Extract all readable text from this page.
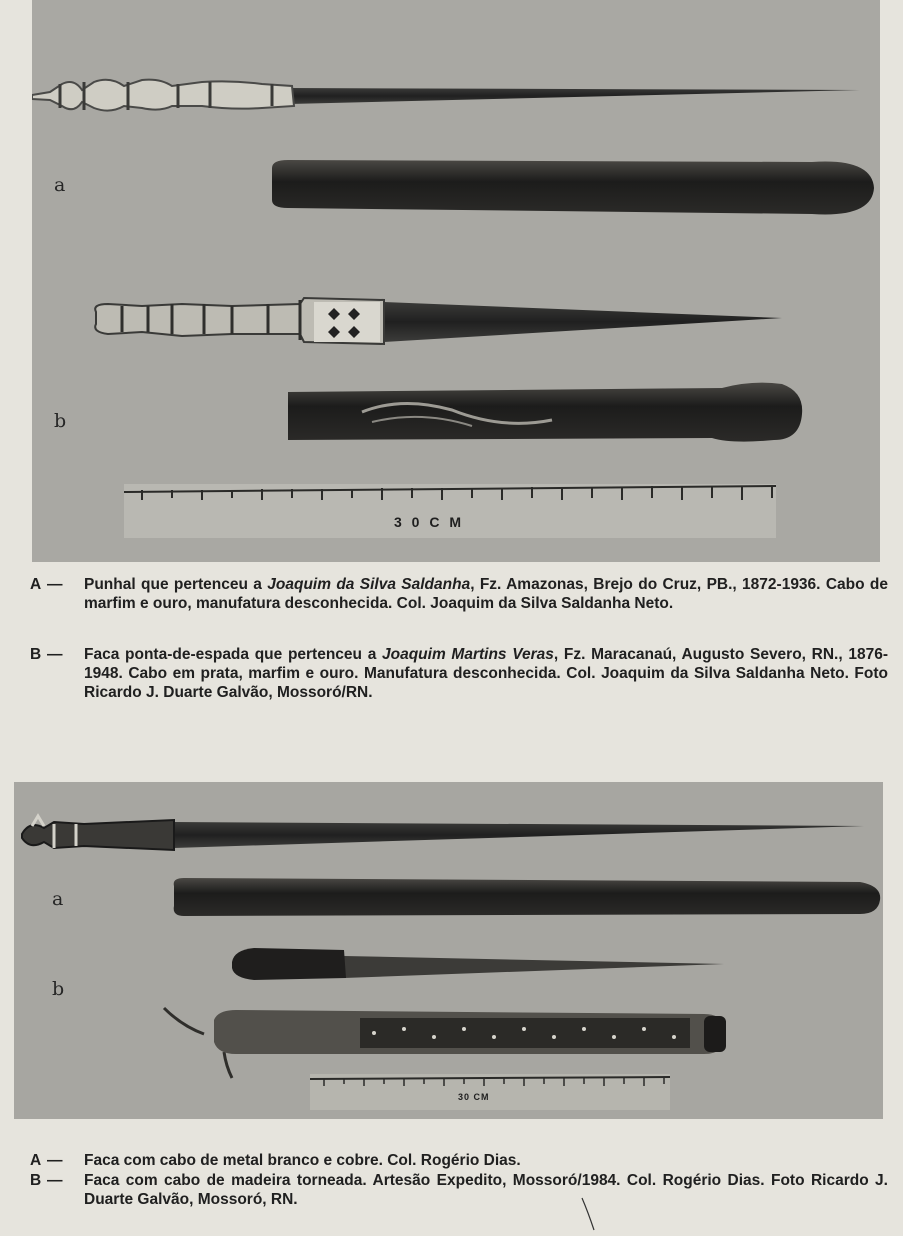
a
b
3 0 C M
A — Punhal que pertenceu a Joaquim da Silva Saldanha, Fz. Amazonas, Brejo do Cruz, PB., 1872-1936. Cabo de marfim e ouro, manufatura desconhecida. Col. Joaquim da Silva Saldanha Neto.
B — Faca ponta-de-espada que pertenceu a Joaquim Martins Veras, Fz. Maracanaú, Augusto Severo, RN., 1876-1948. Cabo em prata, marfim e ouro. Manufatura desconhecida. Col. Joaquim da Silva Saldanha Neto. Foto Ricardo J. Duarte Galvão, Mossoró/RN.
a
b
30 CM
A — Faca com cabo de metal branco e cobre. Col. Rogério Dias.
B — Faca com cabo de madeira torneada. Artesão Expedito, Mossoró/1984. Col. Rogério Dias. Foto Ricardo J. Duarte Galvão, Mossoró, RN.
